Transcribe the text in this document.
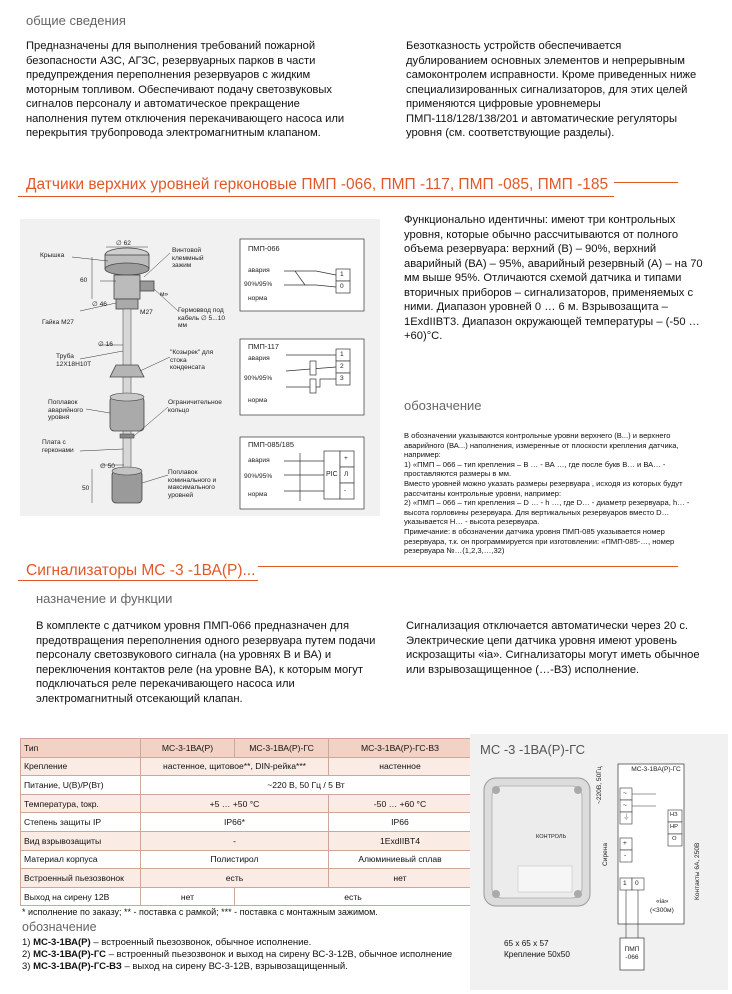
общие сведения
Предназначены для выполнения требований пожарной безопасности АЗС, АГЗС, резервуарных парков в части предупреждения переполнения резервуаров с жидким моторным топливом. Обеспечивают подачу светозвуковых сигналов персоналу и автоматическое прекращение наполнения путем отключения перекачивающего насоса или перекрытия трубопровода электромагнитным клапаном.
Безотказность устройств обеспечивается дублированием основных элементов и непрерывным самоконтролем исправности. Кроме приведенных ниже специализированных сигнализаторов, для этих целей применяются цифровые уровнемеры ПМП-118/128/138/201 и автоматические регуляторы уровня (см. соответствующие разделы).
Датчики верхних уровней герконовые ПМП -066, ПМП -117, ПМП -085, ПМП -185
Крышка
∅ 62
Винтовой клеммный зажим
м»
60
∅ 46
М27	Гермоввод под кабель ∅ 5...10 мм
Гайка М27
∅ 16
Труба 12Х18Н10Т
"Козырек" для стока конденсата
Поплавок аварийного уровня
Ограничительное кольцо
Плата с герконами
∅ 50
50
Поплавок коминального и максимального уровней
ПМП-066
авария
90%/95%
норма
1
0
ПМП-117
авария
90%/95%
норма
1
2
3
ПМП-085/185
авария
90%/95%
норма
PIC
+
Л
-
Функционально идентичны: имеют три контрольных уровня, которые обычно рассчитываются от полного объема резервуара: верхний (В) – 90%, верхний аварийный (ВА) – 95%, аварийный резервный (А) – на 70 мм выше 95%. Отличаются схемой датчика и типами вторичных приборов – сигнализаторов, применяемых с ними. Диапазон уровней 0 … 6 м. Взрывозащита – 1ExdIIBT3. Диапазон окружающей температуры – (-50 … +60)°С.
обозначение
В обозначении указываются контрольные уровни верхнего (В...) и верхнего аварийного (ВА...) наполнения, измеренные от плоскости крепления датчика, например:
1) «ПМП – 066 – тип крепления – В … - ВА …, где после букв В… и ВА… - проставляются размеры в мм.
Вместо уровней можно указать размеры резервуара , исходя из которых будут рассчитаны контрольные уровни, например:
2) «ПМП – 066 – тип крепления – D … - h …, где D… - диаметр резервуара, h… - высота горловины резервуара. Для вертикальных резервуаров вместо D… указывается Н… - высота резервуара.
Примечание: в обозначении датчика уровня ПМП-085 указывается номер резервуара, т.к. он программируется при изготовлении: «ПМП-085-…, номер резервуара №…(1,2,3,…,32)
Сигнализаторы МС -3 -1ВА(Р)...
назначение и функции
В комплекте с датчиком уровня ПМП-066 предназначен для предотвращения переполнения одного резервуара путем подачи персоналу светозвукового сигнала (на уровнях В и ВА) и переключения контактов реле (на уровне ВА), к которым могут подключаться реле перекачивающего насоса или электромагнитный отсекающий клапан.
Сигнализация отключается автоматически через 20 с.
Электрические цепи датчика уровня имеют уровень искрозащиты «ia». Сигнализаторы могут иметь обычное или взрывозащищенное (…-ВЗ) исполнение.
Тип	МС-3-1ВА(Р)	МС-3-1ВА(Р)-ГС	МС-3-1ВА(Р)-ГС-ВЗ
Крепление	настенное, щитовое**, DIN-рейка***		настенное
Питание, U(В)/Р(Вт)	~220 В, 50 Гц / 5 Вт		
Температура, tокр.	+5 … +50 °С		-50 … +60 °С
Степень защиты IP	IP66*		IP66
Вид взрывозащиты	-		1ExdIIBT4
Материал корпуса	Полистирол		Алюминиевый сплав
Встроенный пьезозвонок	есть		нет
Выход на сирену 12В	нет	есть	
* исполнение по заказу; ** - поставка с рамкой; *** - поставка с монтажным зажимом.
обозначение
1) МС-3-1ВА(Р) – встроенный пьезозвонок, обычное исполнение.
2) МС-3-1ВА(Р)-ГС – встроенный пьезозвонок и выход на сирену ВС-3-12В, обычное исполнение
3) МС-3-1ВА(Р)-ГС-ВЗ – выход на сирену ВС-3-12В, взрывозащищенный.
МС -3 -1ВА(Р)-ГС
КОНТРОЛЬ
65 х 65 х 57
Крепление 50х50
МС-3-1ВА(Р)-ГС
~
~
⏚	НЗ
НР
О
+
-
1 0
~220В, 50Гц
Сирена	Контакты 6А, 250В
«ia»
(<300м)
ПМП -066
